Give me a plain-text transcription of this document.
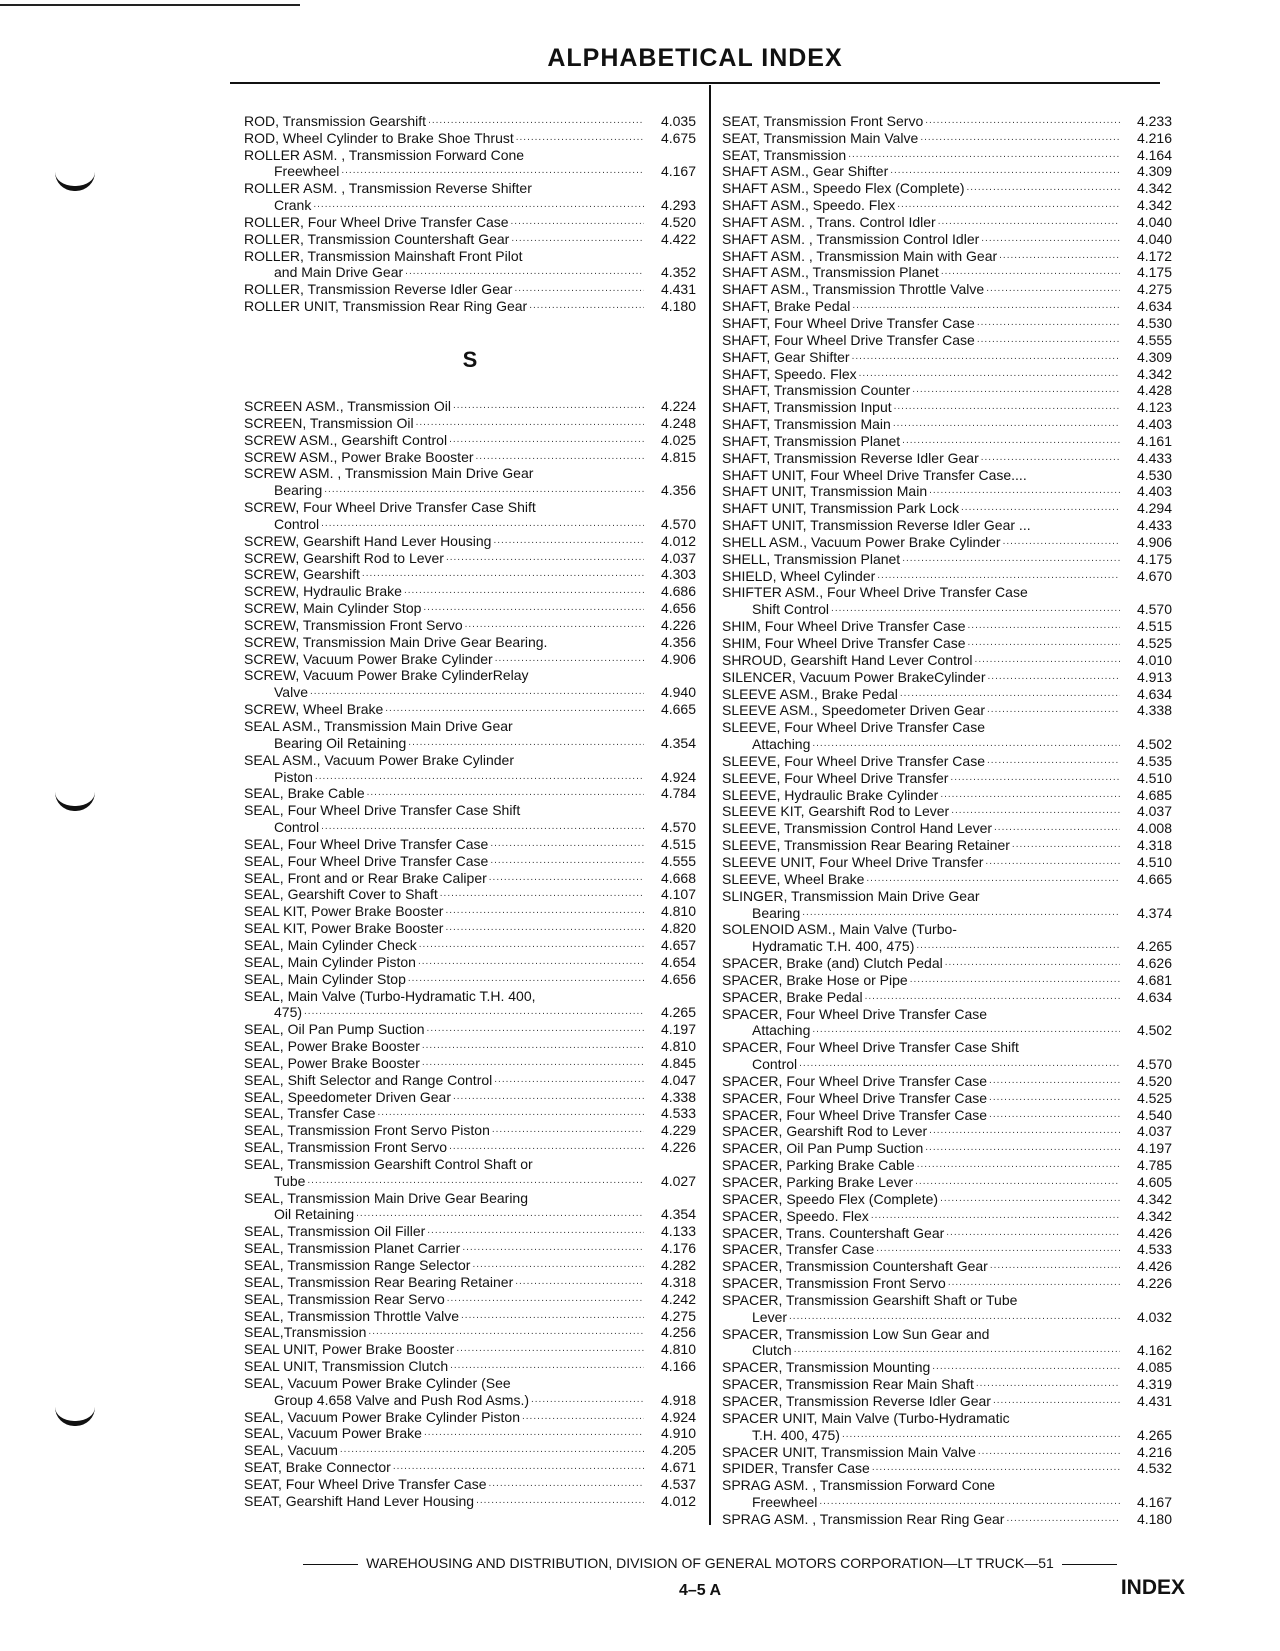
ALPHABETICAL INDEX
ROD, Transmission Gearshift .....	4.035
ROD, Wheel Cylinder to Brake Shoe Thrust .....	4.675
ROLLER ASM. , Transmission Forward Cone
Freewheel .....	4.167
ROLLER ASM. , Transmission Reverse Shifter
Crank .....	4.293
ROLLER, Four Wheel Drive Transfer Case .....	4.520
ROLLER, Transmission Countershaft Gear .....	4.422
ROLLER, Transmission Mainshaft Front Pilot
and Main Drive Gear .....	4.352
ROLLER, Transmission Reverse Idler Gear .....	4.431
ROLLER UNIT, Transmission Rear Ring Gear .....	4.180
S
SCREEN ASM., Transmission Oil .....	4.224
SCREEN, Transmission Oil .....	4.248
SCREW ASM., Gearshift Control .....	4.025
SCREW ASM., Power Brake Booster .....	4.815
SCREW ASM. , Transmission Main Drive Gear
Bearing .....	4.356
SCREW, Four Wheel Drive Transfer Case Shift
Control .....	4.570
SCREW, Gearshift Hand Lever Housing .....	4.012
SCREW, Gearshift Rod to Lever .....	4.037
SCREW, Gearshift .....	4.303
SCREW, Hydraulic Brake .....	4.686
SCREW, Main Cylinder Stop .....	4.656
SCREW, Transmission Front Servo .....	4.226
SCREW, Transmission Main Drive Gear Bearing.	4.356
SCREW, Vacuum Power Brake Cylinder .....	4.906
SCREW, Vacuum Power Brake CylinderRelay
Valve .....	4.940
SCREW, Wheel Brake .....	4.665
SEAL ASM., Transmission Main Drive Gear
Bearing Oil Retaining .....	4.354
SEAL ASM., Vacuum Power Brake Cylinder
Piston .....	4.924
SEAL, Brake Cable .....	4.784
SEAL, Four Wheel Drive Transfer Case Shift
Control .....	4.570
SEAL, Four Wheel Drive Transfer Case .....	4.515
SEAL, Four Wheel Drive Transfer Case .....	4.555
SEAL, Front and or Rear Brake Caliper .....	4.668
SEAL, Gearshift Cover to Shaft .....	4.107
SEAL KIT, Power Brake Booster .....	4.810
SEAL KIT, Power Brake Booster .....	4.820
SEAL, Main Cylinder Check .....	4.657
SEAL, Main Cylinder Piston .....	4.654
SEAL, Main Cylinder Stop .....	4.656
SEAL, Main Valve (Turbo-Hydramatic T.H. 400,
475) .....	4.265
SEAL, Oil Pan Pump Suction .....	4.197
SEAL, Power Brake Booster .....	4.810
SEAL, Power Brake Booster .....	4.845
SEAL, Shift Selector and Range Control .....	4.047
SEAL, Speedometer Driven Gear .....	4.338
SEAL, Transfer Case .....	4.533
SEAL, Transmission Front Servo Piston .....	4.229
SEAL, Transmission Front Servo .....	4.226
SEAL, Transmission Gearshift Control Shaft or
Tube .....	4.027
SEAL, Transmission Main Drive Gear Bearing
Oil Retaining .....	4.354
SEAL, Transmission Oil Filler .....	4.133
SEAL, Transmission Planet Carrier .....	4.176
SEAL, Transmission Range Selector .....	4.282
SEAL, Transmission Rear Bearing Retainer .....	4.318
SEAL, Transmission Rear Servo .....	4.242
SEAL, Transmission Throttle Valve .....	4.275
SEAL,Transmission .....	4.256
SEAL UNIT, Power Brake Booster .....	4.810
SEAL UNIT, Transmission Clutch .....	4.166
SEAL, Vacuum Power Brake Cylinder (See
Group 4.658 Valve and Push Rod Asms.) .....	4.918
SEAL, Vacuum Power Brake Cylinder Piston .....	4.924
SEAL, Vacuum Power Brake .....	4.910
SEAL, Vacuum .....	4.205
SEAT, Brake Connector .....	4.671
SEAT, Four Wheel Drive Transfer Case .....	4.537
SEAT, Gearshift Hand Lever Housing .....	4.012
SEAT, Transmission Front Servo .....	4.233
SEAT, Transmission Main Valve .....	4.216
SEAT, Transmission .....	4.164
SHAFT ASM., Gear Shifter .....	4.309
SHAFT ASM., Speedo Flex (Complete) .....	4.342
SHAFT ASM., Speedo. Flex .....	4.342
SHAFT ASM. , Trans. Control Idler .....	4.040
SHAFT ASM. , Transmission Control Idler .....	4.040
SHAFT ASM. , Transmission Main with Gear .....	4.172
SHAFT ASM., Transmission Planet .....	4.175
SHAFT ASM., Transmission Throttle Valve .....	4.275
SHAFT, Brake Pedal .....	4.634
SHAFT, Four Wheel Drive Transfer Case .....	4.530
SHAFT, Four Wheel Drive Transfer Case .....	4.555
SHAFT, Gear Shifter .....	4.309
SHAFT, Speedo. Flex .....	4.342
SHAFT, Transmission Counter .....	4.428
SHAFT, Transmission Input .....	4.123
SHAFT, Transmission Main .....	4.403
SHAFT, Transmission Planet .....	4.161
SHAFT, Transmission Reverse Idler Gear .....	4.433
SHAFT UNIT, Four Wheel Drive Transfer Case....	4.530
SHAFT UNIT, Transmission Main .....	4.403
SHAFT UNIT, Transmission Park Lock .....	4.294
SHAFT UNIT, Transmission Reverse Idler Gear ...	4.433
SHELL ASM., Vacuum Power Brake Cylinder .....	4.906
SHELL, Transmission Planet .....	4.175
SHIELD, Wheel Cylinder .....	4.670
SHIFTER ASM., Four Wheel Drive Transfer Case
Shift Control .....	4.570
SHIM, Four Wheel Drive Transfer Case .....	4.515
SHIM, Four Wheel Drive Transfer Case .....	4.525
SHROUD, Gearshift Hand Lever Control .....	4.010
SILENCER, Vacuum Power BrakeCylinder .....	4.913
SLEEVE ASM., Brake Pedal .....	4.634
SLEEVE ASM., Speedometer Driven Gear .....	4.338
SLEEVE, Four Wheel Drive Transfer Case
Attaching .....	4.502
SLEEVE, Four Wheel Drive Transfer Case .....	4.535
SLEEVE, Four Wheel Drive Transfer .....	4.510
SLEEVE, Hydraulic Brake Cylinder .....	4.685
SLEEVE KIT, Gearshift Rod to Lever .....	4.037
SLEEVE, Transmission Control Hand Lever .....	4.008
SLEEVE, Transmission Rear Bearing Retainer .....	4.318
SLEEVE UNIT, Four Wheel Drive Transfer .....	4.510
SLEEVE, Wheel Brake .....	4.665
SLINGER, Transmission Main Drive Gear
Bearing .....	4.374
SOLENOID ASM., Main Valve (Turbo-
Hydramatic T.H. 400, 475) .....	4.265
SPACER, Brake (and) Clutch Pedal .....	4.626
SPACER, Brake Hose or Pipe .....	4.681
SPACER, Brake Pedal .....	4.634
SPACER, Four Wheel Drive Transfer Case
Attaching .....	4.502
SPACER, Four Wheel Drive Transfer Case Shift
Control .....	4.570
SPACER, Four Wheel Drive Transfer Case .....	4.520
SPACER, Four Wheel Drive Transfer Case .....	4.525
SPACER, Four Wheel Drive Transfer Case .....	4.540
SPACER, Gearshift Rod to Lever .....	4.037
SPACER, Oil Pan Pump Suction .....	4.197
SPACER, Parking Brake Cable .....	4.785
SPACER, Parking Brake Lever .....	4.605
SPACER, Speedo Flex (Complete) .....	4.342
SPACER, Speedo. Flex .....	4.342
SPACER, Trans. Countershaft Gear .....	4.426
SPACER, Transfer Case .....	4.533
SPACER, Transmission Countershaft Gear .....	4.426
SPACER, Transmission Front Servo .....	4.226
SPACER, Transmission Gearshift Shaft or Tube
Lever .....	4.032
SPACER, Transmission Low Sun Gear and
Clutch .....	4.162
SPACER, Transmission Mounting .....	4.085
SPACER, Transmission Rear Main Shaft .....	4.319
SPACER, Transmission Reverse Idler Gear .....	4.431
SPACER UNIT, Main Valve (Turbo-Hydramatic
T.H. 400, 475) .....	4.265
SPACER UNIT, Transmission Main Valve .....	4.216
SPIDER, Transfer Case .....	4.532
SPRAG ASM. , Transmission Forward Cone
Freewheel .....	4.167
SPRAG ASM. , Transmission Rear Ring Gear .....	4.180
WAREHOUSING AND DISTRIBUTION, DIVISION OF GENERAL MOTORS CORPORATION—LT TRUCK—51
4–5 A	INDEX
